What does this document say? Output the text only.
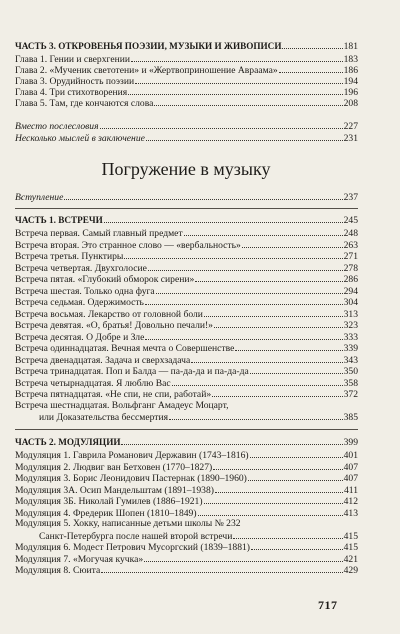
ЧАСТЬ 3. ОТКРОВЕНЬЯ ПОЭЗИИ, МУЗЫКИ И ЖИВОПИСИ	181
Глава 1. Гении и сверхгении	183
Глава 2. «Мученик светотени» и «Жертвоприношение Авраама»	186
Глава 3. Орудийность поэзии	194
Глава 4. Три стихотворения	196
Глава 5. Там, где кончаются слова	208
Вместо послесловия	227
Несколько мыслей в заключение	231
Погружение в музыку
Вступление	237
ЧАСТЬ 1. ВСТРЕЧИ	245
Встреча первая. Самый главный предмет	248
Встреча вторая. Это странное слово — «вербальность»	263
Встреча третья. Пунктиры	271
Встреча четвертая. Двухголосие	278
Встреча пятая. «Глубокий обморок сирени»	286
Встреча шестая. Только одна фуга	294
Встреча седьмая. Одержимость	304
Встреча восьмая. Лекарство от головной боли	313
Встреча девятая. «О, братья! Довольно печали!»	323
Встреча десятая. О Добре и Зле	333
Встреча одиннадцатая. Вечная мечта о Совершенстве	339
Встреча двенадцатая. Задача и сверхзадача	343
Встреча тринадцатая. Поп и Балда — па-да-да и па-да-да	350
Встреча четырнадцатая. Я люблю Вас	358
Встреча пятнадцатая. «Не спи, не спи, работай»	372
Встреча шестнадцатая. Вольфганг Амадеус Моцарт,
или Доказательства бессмертия	385
ЧАСТЬ 2. МОДУЛЯЦИИ	399
Модуляция 1. Гаврила Романович Державин (1743–1816)	401
Модуляция 2. Людвиг ван Бетховен (1770–1827)	407
Модуляция 3. Борис Леонидович Пастернак (1890–1960)	407
Модуляция 3А. Осип Мандельштам (1891–1938)	411
Модуляция 3Б. Николай Гумилев (1886–1921)	412
Модуляция 4. Фредерик Шопен (1810–1849)	413
Модуляция 5. Хокку, написанные детьми школы № 232
Санкт-Петербурга после нашей второй встречи	415
Модуляция 6. Модест Петрович Мусоргский (1839–1881)	415
Модуляция 7. «Могучая кучка»	421
Модуляция 8. Сюита	429
717
